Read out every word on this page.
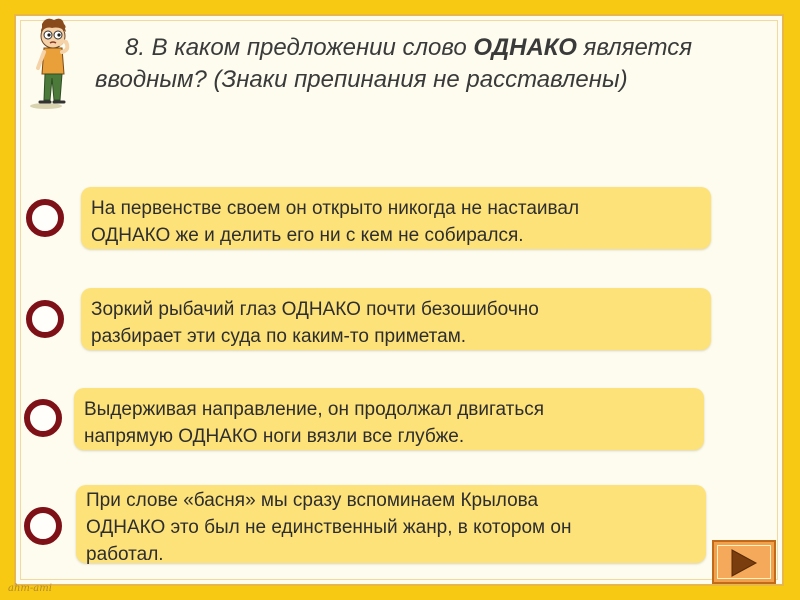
8. В каком предложении слово ОДНАКО является
вводным? (Знаки препинания не расставлены)
На первенстве своем он открыто никогда не настаивал
ОДНАКО же и делить его ни с кем не собирался.
Зоркий рыбачий глаз ОДНАКО почти безошибочно
разбирает эти суда по каким-то приметам.
Выдерживая направление, он продолжал двигаться
напрямую ОДНАКО ноги вязли все глубже.
При слове «басня» мы сразу вспоминаем Крылова
ОДНАКО это был не единственный жанр, в котором он
работал.
ahm-ami
